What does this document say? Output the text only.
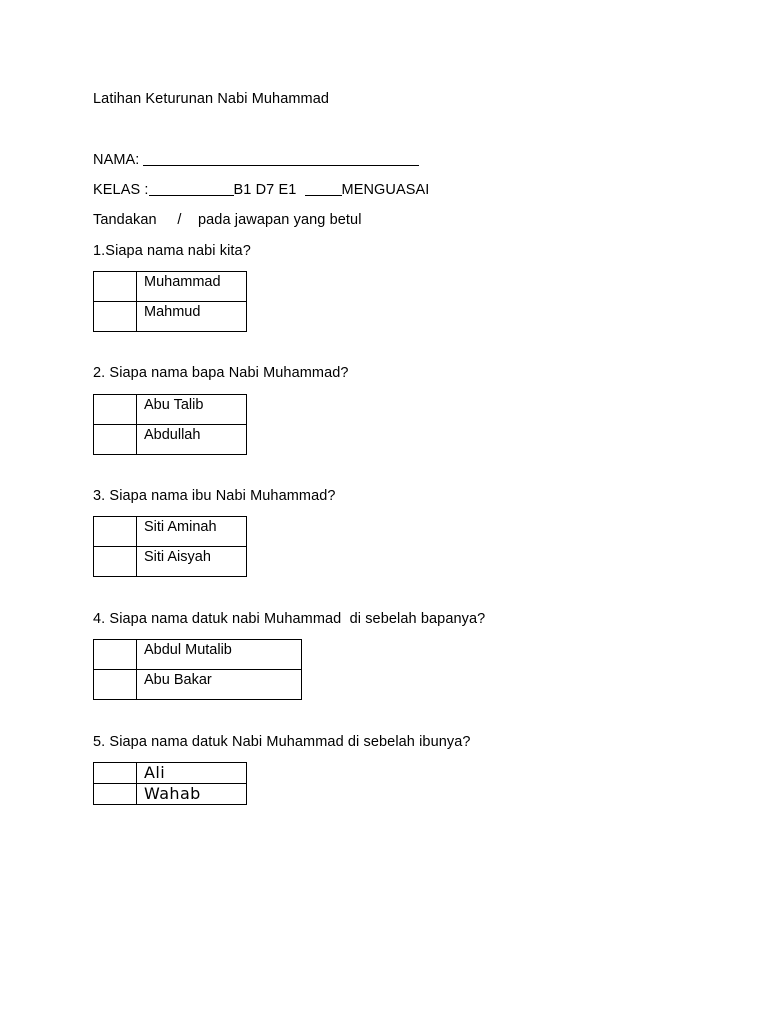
Latihan Keturunan Nabi Muhammad
NAMA:
KELAS :	B1 D7 E1	MENGUASAI
Tandakan     /    pada jawapan yang betul
1.Siapa nama nabi kita?
	Muhammad
	Mahmud
2. Siapa nama bapa Nabi Muhammad?
	Abu Talib
	Abdullah
3. Siapa nama ibu Nabi Muhammad?
	Siti Aminah
	Siti Aisyah
4. Siapa nama datuk nabi Muhammad  di sebelah bapanya?
	Abdul Mutalib
	Abu Bakar
5. Siapa nama datuk Nabi Muhammad di sebelah ibunya?
	Ali
	Wahab
